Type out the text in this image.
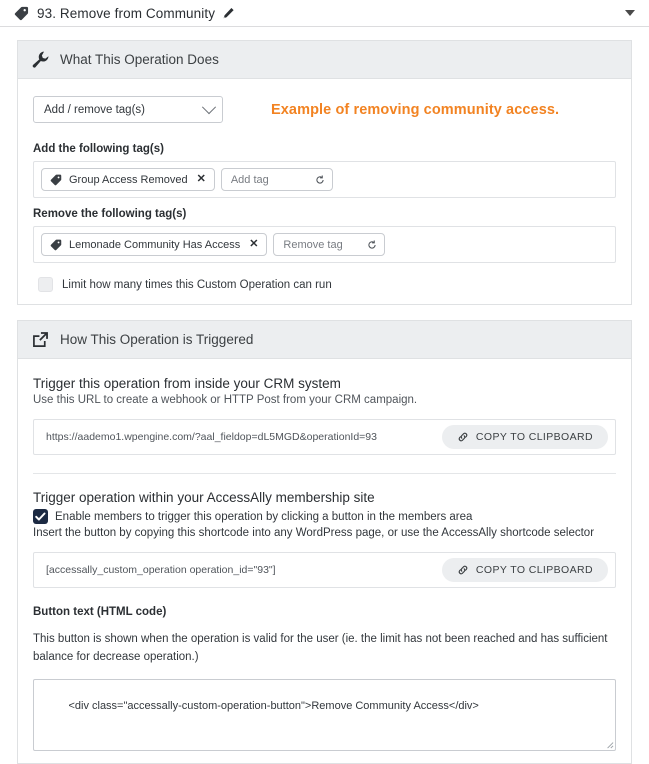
93. Remove from Community
What This Operation Does
Add / remove tag(s)	Example of removing community access.
Add the following tag(s)
Group Access Removed ✕ Add tag
Remove the following tag(s)
Lemonade Community Has Access ✕ Remove tag
Limit how many times this Custom Operation can run
How This Operation is Triggered
Trigger this operation from inside your CRM system
Use this URL to create a webhook or HTTP Post from your CRM campaign.
https://aademo1.wpengine.com/?aal_fieldop=dL5MGD&operationId=93	COPY TO CLIPBOARD
Trigger operation within your AccessAlly membership site
Enable members to trigger this operation by clicking a button in the members area
Insert the button by copying this shortcode into any WordPress page, or use the AccessAlly shortcode selector
[accessally_custom_operation operation_id="93"]	COPY TO CLIPBOARD
Button text (HTML code)
This button is shown when the operation is valid for the user (ie. the limit has not been reached and has sufficient balance for decrease operation.)

<div class="accessally-custom-operation-button">Remove Community Access</div>
